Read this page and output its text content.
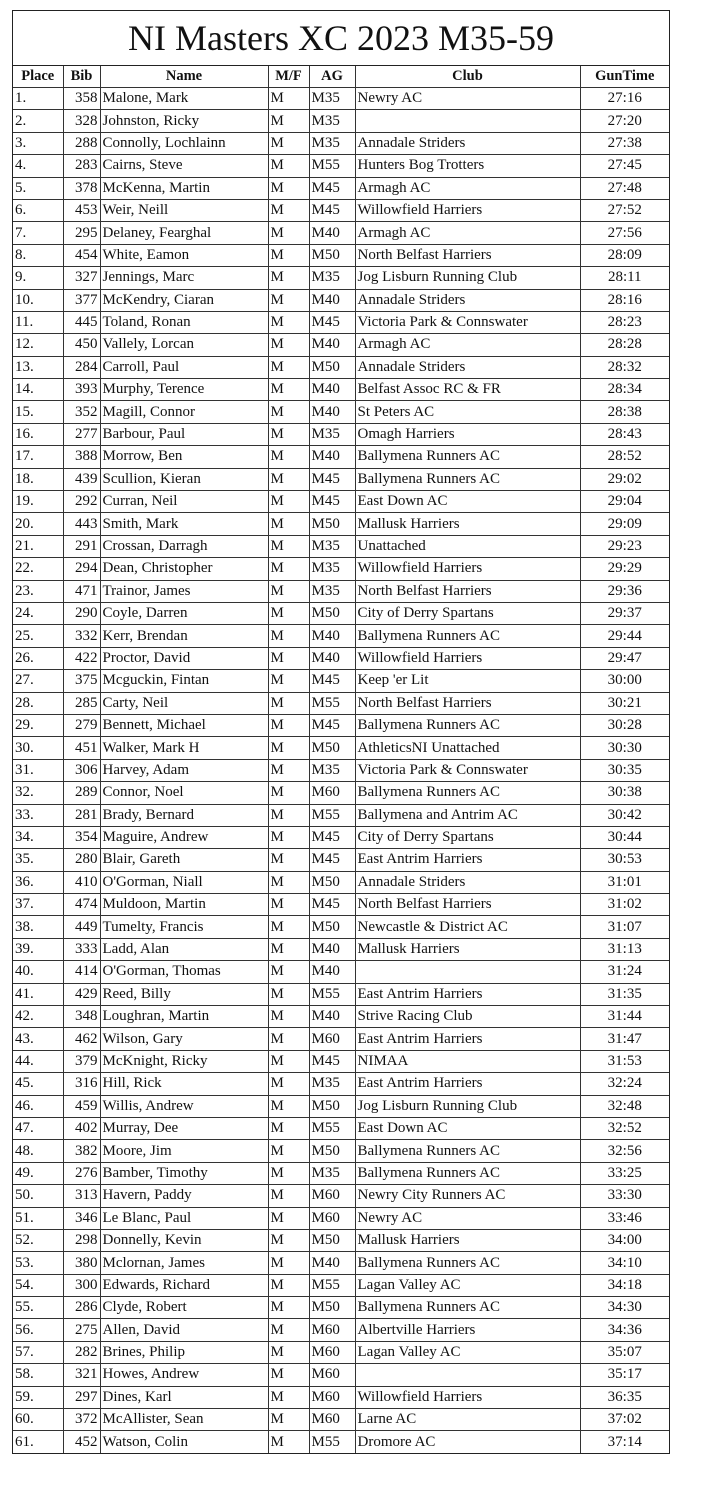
NI Masters XC 2023 M35-59
Place	Bib	Name	M/F	AG	Club	GunTime
1.	358	Malone, Mark	M	M35	Newry AC	27:16
2.	328	Johnston, Ricky	M	M35		27:20
3.	288	Connolly, Lochlainn	M	M35	Annadale Striders	27:38
4.	283	Cairns, Steve	M	M55	Hunters Bog Trotters	27:45
5.	378	McKenna, Martin	M	M45	Armagh AC	27:48
6.	453	Weir, Neill	M	M45	Willowfield Harriers	27:52
7.	295	Delaney, Fearghal	M	M40	Armagh AC	27:56
8.	454	White, Eamon	M	M50	North Belfast Harriers	28:09
9.	327	Jennings, Marc	M	M35	Jog Lisburn Running Club	28:11
10.	377	McKendry, Ciaran	M	M40	Annadale Striders	28:16
11.	445	Toland, Ronan	M	M45	Victoria Park & Connswater	28:23
12.	450	Vallely, Lorcan	M	M40	Armagh AC	28:28
13.	284	Carroll, Paul	M	M50	Annadale Striders	28:32
14.	393	Murphy, Terence	M	M40	Belfast Assoc RC & FR	28:34
15.	352	Magill, Connor	M	M40	St Peters AC	28:38
16.	277	Barbour, Paul	M	M35	Omagh Harriers	28:43
17.	388	Morrow, Ben	M	M40	Ballymena Runners AC	28:52
18.	439	Scullion, Kieran	M	M45	Ballymena Runners AC	29:02
19.	292	Curran, Neil	M	M45	East Down AC	29:04
20.	443	Smith, Mark	M	M50	Mallusk Harriers	29:09
21.	291	Crossan, Darragh	M	M35	Unattached	29:23
22.	294	Dean, Christopher	M	M35	Willowfield Harriers	29:29
23.	471	Trainor, James	M	M35	North Belfast Harriers	29:36
24.	290	Coyle, Darren	M	M50	City of Derry Spartans	29:37
25.	332	Kerr, Brendan	M	M40	Ballymena Runners AC	29:44
26.	422	Proctor, David	M	M40	Willowfield Harriers	29:47
27.	375	Mcguckin, Fintan	M	M45	Keep 'er Lit	30:00
28.	285	Carty, Neil	M	M55	North Belfast Harriers	30:21
29.	279	Bennett, Michael	M	M45	Ballymena Runners AC	30:28
30.	451	Walker, Mark H	M	M50	AthleticsNI Unattached	30:30
31.	306	Harvey, Adam	M	M35	Victoria Park & Connswater	30:35
32.	289	Connor, Noel	M	M60	Ballymena Runners AC	30:38
33.	281	Brady, Bernard	M	M55	Ballymena and Antrim AC	30:42
34.	354	Maguire, Andrew	M	M45	City of Derry Spartans	30:44
35.	280	Blair, Gareth	M	M45	East Antrim Harriers	30:53
36.	410	O'Gorman, Niall	M	M50	Annadale Striders	31:01
37.	474	Muldoon, Martin	M	M45	North Belfast Harriers	31:02
38.	449	Tumelty, Francis	M	M50	Newcastle & District AC	31:07
39.	333	Ladd, Alan	M	M40	Mallusk Harriers	31:13
40.	414	O'Gorman, Thomas	M	M40		31:24
41.	429	Reed, Billy	M	M55	East Antrim Harriers	31:35
42.	348	Loughran, Martin	M	M40	Strive Racing Club	31:44
43.	462	Wilson, Gary	M	M60	East Antrim Harriers	31:47
44.	379	McKnight, Ricky	M	M45	NIMAA	31:53
45.	316	Hill, Rick	M	M35	East Antrim Harriers	32:24
46.	459	Willis, Andrew	M	M50	Jog Lisburn Running Club	32:48
47.	402	Murray, Dee	M	M55	East Down AC	32:52
48.	382	Moore, Jim	M	M50	Ballymena Runners AC	32:56
49.	276	Bamber, Timothy	M	M35	Ballymena Runners AC	33:25
50.	313	Havern, Paddy	M	M60	Newry City Runners AC	33:30
51.	346	Le Blanc, Paul	M	M60	Newry AC	33:46
52.	298	Donnelly, Kevin	M	M50	Mallusk Harriers	34:00
53.	380	Mclornan, James	M	M40	Ballymena Runners AC	34:10
54.	300	Edwards, Richard	M	M55	Lagan Valley AC	34:18
55.	286	Clyde, Robert	M	M50	Ballymena Runners AC	34:30
56.	275	Allen, David	M	M60	Albertville Harriers	34:36
57.	282	Brines, Philip	M	M60	Lagan Valley AC	35:07
58.	321	Howes, Andrew	M	M60		35:17
59.	297	Dines, Karl	M	M60	Willowfield Harriers	36:35
60.	372	McAllister, Sean	M	M60	Larne AC	37:02
61.	452	Watson, Colin	M	M55	Dromore AC	37:14
